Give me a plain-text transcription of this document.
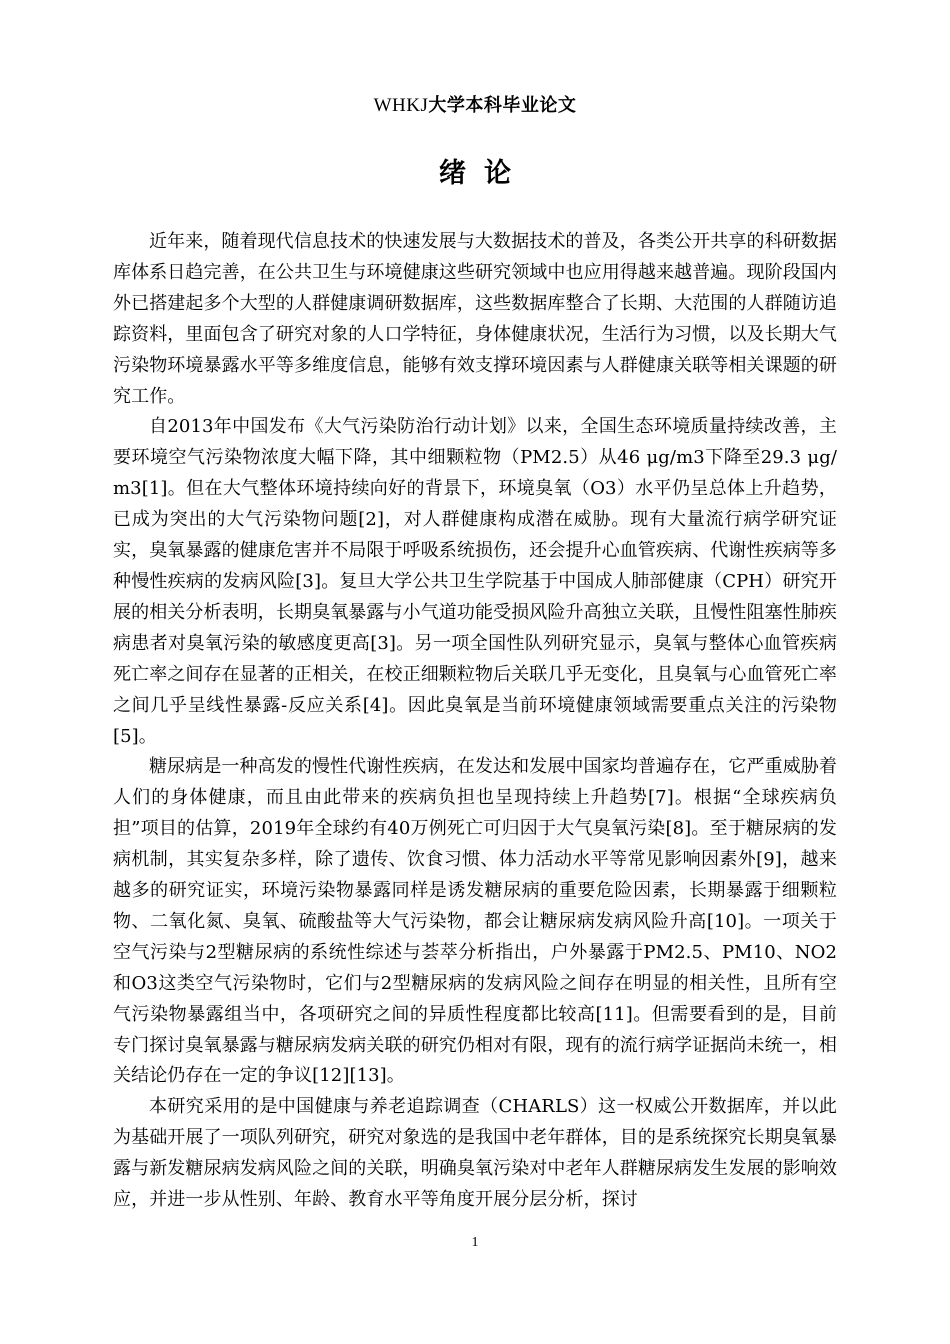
WHKJ大学本科毕业论文
绪论

近年来，随着现代信息技术的快速发展与大数据技术的普及，各类公开共享的科研数据库体系日趋完善，在公共卫生与环境健康这些研究领域中也应用得越来越普遍。现阶段国内外已搭建起多个大型的人群健康调研数据库，这些数据库整合了长期、大范围的人群随访追踪资料，里面包含了研究对象的人口学特征，身体健康状况，生活行为习惯，以及长期大气污染物环境暴露水平等多维度信息，能够有效支撑环境因素与人群健康关联等相关课题的研究工作。

自2013年中国发布《大气污染防治行动计划》以来，全国生态环境质量持续改善，主要环境空气污染物浓度大幅下降，其中细颗粒物（PM2.5）从46 μg/m3下降至29.3 μg/m3[1]。但在大气整体环境持续向好的背景下，环境臭氧（O3）水平仍呈总体上升趋势，已成为突出的大气污染物问题[2]，对人群健康构成潜在威胁。现有大量流行病学研究证实，臭氧暴露的健康危害并不局限于呼吸系统损伤，还会提升心血管疾病、代谢性疾病等多种慢性疾病的发病风险[3]。复旦大学公共卫生学院基于中国成人肺部健康（CPH）研究开展的相关分析表明，长期臭氧暴露与小气道功能受损风险升高独立关联，且慢性阻塞性肺疾病患者对臭氧污染的敏感度更高[3]。另一项全国性队列研究显示，臭氧与整体心血管疾病死亡率之间存在显著的正相关，在校正细颗粒物后关联几乎无变化，且臭氧与心血管死亡率之间几乎呈线性暴露-反应关系[4]。因此臭氧是当前环境健康领域需要重点关注的污染物[5]。

糖尿病是一种高发的慢性代谢性疾病，在发达和发展中国家均普遍存在，它严重威胁着人们的身体健康，而且由此带来的疾病负担也呈现持续上升趋势[7]。根据“全球疾病负担”项目的估算，2019年全球约有40万例死亡可归因于大气臭氧污染[8]。至于糖尿病的发病机制，其实复杂多样，除了遗传、饮食习惯、体力活动水平等常见影响因素外[9]，越来越多的研究证实，环境污染物暴露同样是诱发糖尿病的重要危险因素，长期暴露于细颗粒物、二氧化氮、臭氧、硫酸盐等大气污染物，都会让糖尿病发病风险升高[10]。一项关于空气污染与2型糖尿病的系统性综述与荟萃分析指出，户外暴露于PM2.5、PM10、NO2和O3这类空气污染物时，它们与2型糖尿病的发病风险之间存在明显的相关性，且所有空气污染物暴露组当中，各项研究之间的异质性程度都比较高[11]。但需要看到的是，目前专门探讨臭氧暴露与糖尿病发病关联的研究仍相对有限，现有的流行病学证据尚未统一，相关结论仍存在一定的争议[12][13]。

本研究采用的是中国健康与养老追踪调查（CHARLS）这一权威公开数据库，并以此为基础开展了一项队列研究，研究对象选的是我国中老年群体，目的是系统探究长期臭氧暴露与新发糖尿病发病风险之间的关联，明确臭氧污染对中老年人群糖尿病发生发展的影响效应，并进一步从性别、年龄、教育水平等角度开展分层分析，探讨

1
